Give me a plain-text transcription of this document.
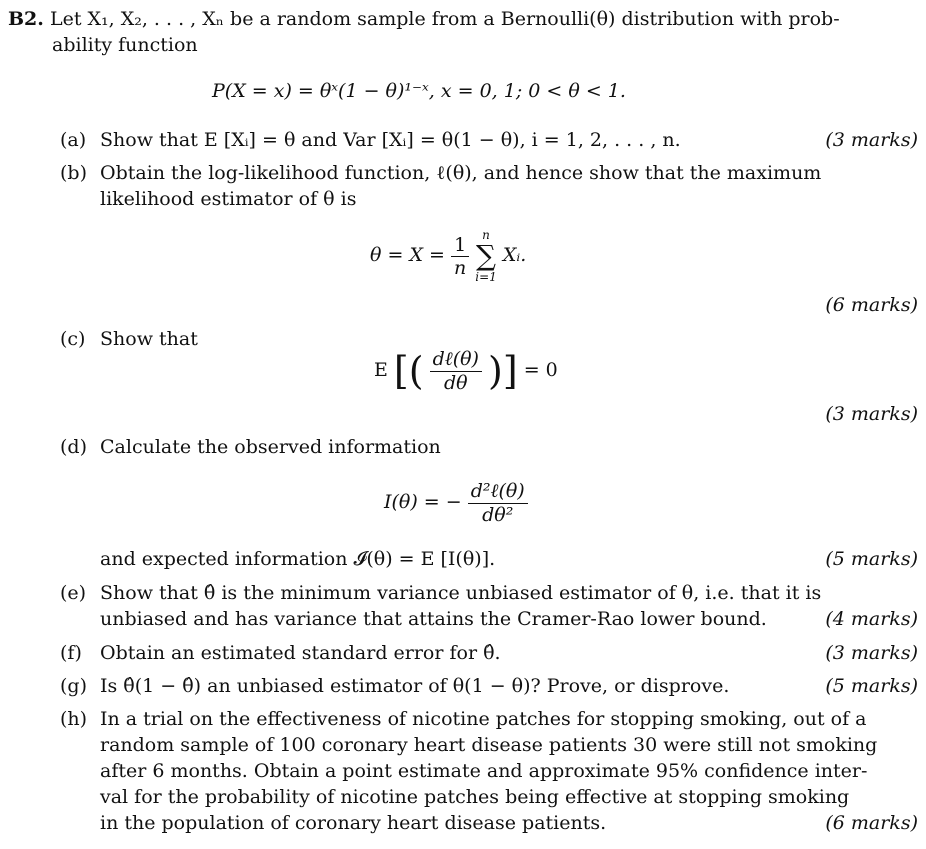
B2. Let X₁, X₂, . . . , Xₙ be a random sample from a Bernoulli(θ) distribution with prob-
ability function
P(X = x) = θˣ(1 − θ)¹⁻ˣ, x = 0, 1; 0 < θ < 1.
(a) Show that E [Xᵢ] = θ and Var [Xᵢ] = θ(1 − θ), i = 1, 2, . . . , n.	(3 marks)
(b) Obtain the log-likelihood function, ℓ(θ), and hence show that the maximum
likelihood estimator of θ is
$\theta = X = \frac{1}{n}$
	n
∑
i=1
Xᵢ.
(6 marks)
(c) Show that
E [( $\frac{\text{dℓ(θ)}}{d\theta}$ )] = 0
(3 marks)
(d) Calculate the observed information
I(θ) = − $\frac{\text{d²ℓ(θ)}}{\text{dθ²}}$
and expected information 𝓘(θ) = E [I(θ)].	(5 marks)
(e) Show that θ̂ is the minimum variance unbiased estimator of θ, i.e. that it is
unbiased and has variance that attains the Cramer-Rao lower bound.	(4 marks)
(f) Obtain an estimated standard error for θ̂.	(3 marks)
(g) Is θ̂(1 − θ̂) an unbiased estimator of θ(1 − θ)? Prove, or disprove.	(5 marks)
(h) In a trial on the effectiveness of nicotine patches for stopping smoking, out of a
random sample of 100 coronary heart disease patients 30 were still not smoking
after 6 months. Obtain a point estimate and approximate 95% confidence inter-
val for the probability of nicotine patches being effective at stopping smoking
in the population of coronary heart disease patients.	(6 marks)
